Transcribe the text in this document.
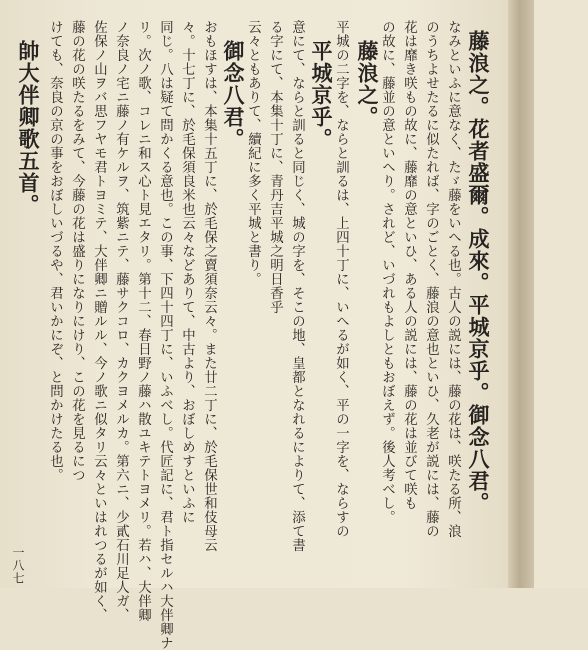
藤浪之。花者盛爾。成來。平城京乎。御念八君。
なみといふに意なく、たゞ藤をいへる也。古人の説には、藤の花は、咲たる所、浪
のうちよせたるに似たれば、字のごとく、藤浪の意也といひ、久老が説には、藤の
花は靡き咲もの故に、藤靡の意といひ、ある人の説には、藤の花は並びて咲も
の故に、藤並の意といへり。されど、いづれもよしともおぼえず。後人考べし。
藤浪之。
平城の二字を、ならと訓るは、上四十丁に、いへるが如く、平の一字を、ならすの
平城京乎。
意にて、ならと訓ると同じく、城の字を、そこの地、皇都となれるによりて、添て書
る字にて、本集十丁に、青丹吉平城之明日香乎
云々ともありて、續紀に多く平城と書り。
御念八君。
おもほすは、本集十五丁に、於毛保之賣須奈云々。また廿二丁に、於毛保世和伎母云
々。十七丁に、於毛保須良米也云々などありて、中古より、おぼしめすといふに
同じ。八は疑て問かくる意也。この事、下四十四丁に、いふべし。代匠記に、君ト指セルハ大伴卿ナ
リ。次ノ歌、コレニ和ス心ト見エタリ。第十二、春日野ノ藤ハ散ユキテトヨメリ。若ハ、大伴卿
ノ奈良ノ宅ニ藤ノ有ケルヲ、筑紫ニテ、藤サクコロ、カクヨメルカ。第六ニ、少貳石川足人ガ、
佐保ノ山ヲバ思フヤモ君トヨミテ、大伴卿ニ贈ルル、今ノ歌ニ似タリ云々といはれつるが如く、
藤の花の咲たるをみて、今藤の花は盛りになりにけり、この花を見るにつ
けても、奈良の京の事をおぼしいづるや、君いかにぞ、と問かけたる也。
帥大伴卿歌五首。
一八七
